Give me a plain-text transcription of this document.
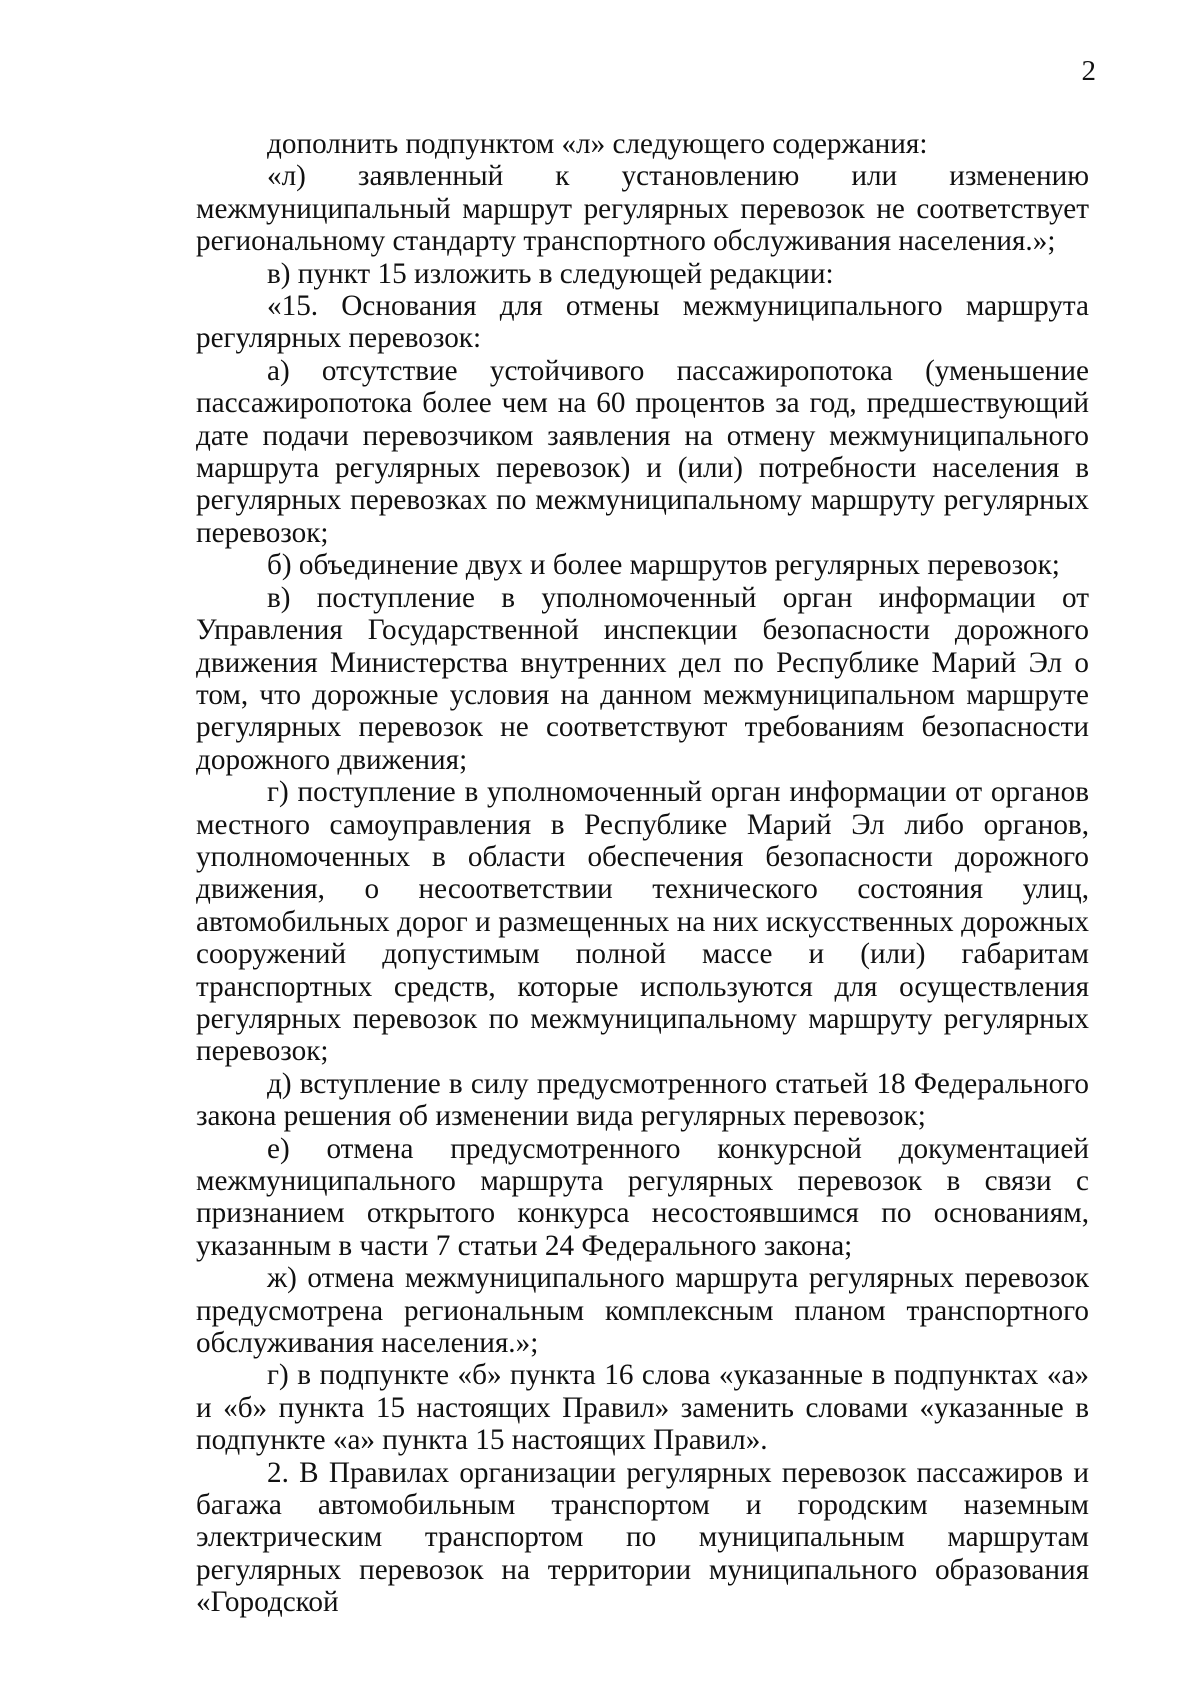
2

дополнить подпунктом «л» следующего содержания:

«л) заявленный к установлению или изменению межмуниципальный маршрут регулярных перевозок не соответствует региональному стандарту транспортного обслуживания населения.»;

в) пункт 15 изложить в следующей редакции:

«15. Основания для отмены межмуниципального маршрута регулярных перевозок:

а) отсутствие устойчивого пассажиропотока (уменьшение пассажиропотока более чем на 60 процентов за год, предшествующий дате подачи перевозчиком заявления на отмену межмуниципального маршрута регулярных перевозок) и (или) потребности населения в регулярных перевозках по межмуниципальному маршруту регулярных перевозок;

б) объединение двух и более маршрутов регулярных перевозок;

в) поступление в уполномоченный орган информации от Управления Государственной инспекции безопасности дорожного движения Министерства внутренних дел по Республике Марий Эл о том, что дорожные условия на данном межмуниципальном маршруте регулярных перевозок не соответствуют требованиям безопасности дорожного движения;

г) поступление в уполномоченный орган информации от органов местного самоуправления в Республике Марий Эл либо органов, уполномоченных в области обеспечения безопасности дорожного движения, о несоответствии технического состояния улиц, автомобильных дорог и размещенных на них искусственных дорожных сооружений допустимым полной массе и (или) габаритам транспортных средств, которые используются для осуществления регулярных перевозок по межмуниципальному маршруту регулярных перевозок;

д) вступление в силу предусмотренного статьей 18 Федерального закона решения об изменении вида регулярных перевозок;

е) отмена предусмотренного конкурсной документацией межмуниципального маршрута регулярных перевозок в связи с признанием открытого конкурса несостоявшимся по основаниям, указанным в части 7 статьи 24 Федерального закона;

ж) отмена межмуниципального маршрута регулярных перевозок предусмотрена региональным комплексным планом транспортного обслуживания населения.»;

г) в подпункте «б» пункта 16 слова «указанные в подпунктах «а» и «б» пункта 15 настоящих Правил» заменить словами «указанные в подпункте «а» пункта 15 настоящих Правил».

2. В Правилах организации регулярных перевозок пассажиров и багажа автомобильным транспортом и городским наземным электрическим транспортом по муниципальным маршрутам регулярных перевозок на территории муниципального образования «Городской
